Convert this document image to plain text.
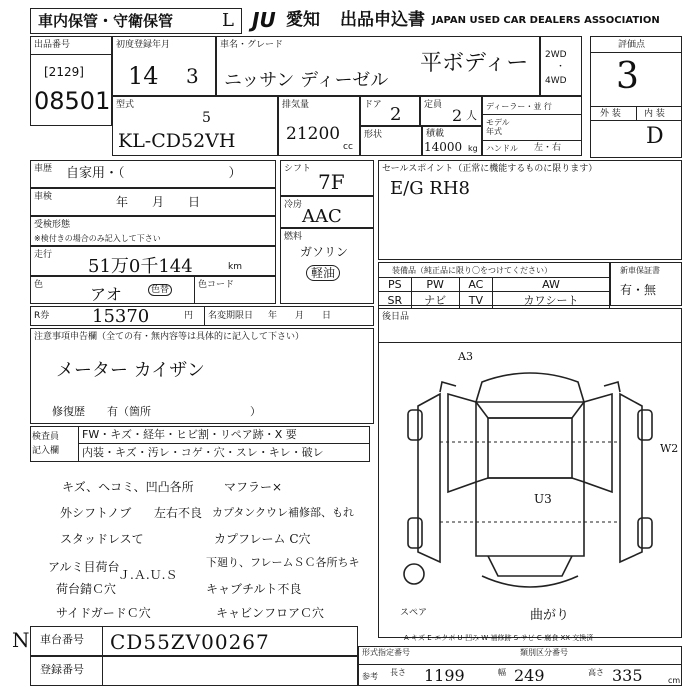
車内保管・守衛保管	L JU 愛知 出品申込書 JAPAN USED CAR DEALERS ASSOCIATION
出品番号
[2129]
08501
初度登録年月
14 3
車名・グレード
ニッサン ディーゼル
平ボディー 2WD
・
4WD
評価点
3
外 装	内 装
D
型式
5
KL-CD52VH
排気量
21200
cc
ドア 2	定員
2 人
ディーラー・並 行
モデル 年式
ハンドル 左・右
形状	積載
14000 kg
車歴 自家用・（　　　　　　　　）
車検	年　　月　　日
受検形態
※検付きの場合のみ記入して下さい
走行
51万0千144	km
色	アオ	色替	色コード
シフト
7F
冷房
AAC
燃料
ガソリン
軽油
セールスポイント（正常に機能するものに限ります）
E/G RH8
装備品（純正品に限り〇をつけてください）
PS	PW	AC	AW
SR	ナビ	TV	カワシート
新車保証書
有・無
R券 15370	円 名変期限日 年　　月　　日
注意事項申告欄（全ての有・無内容等は具体的に記入して下さい）
メーター カイザン
修復歴　　有（箇所　　　　　　　　　）
後日品
A3
W2
U3
スペア	曲がり
A-キズ E-エクボ U-凹み W-補修跡 S-サビ C-腐食 XX-交換済
検査員
記入欄
FW・キズ・経年・ヒビ割・リペア跡・X 要
内装・キズ・汚レ・コゲ・穴・スレ・キレ・破レ
キズ、ヘコミ、凹凸各所	マフラー×
外シフトノブ 左右不良 カプタンクウレ補修部、もれ
スタッドレスて	カプフレーム C穴
アルミ目荷台
Ｊ.Ａ.Ｕ.Ｓ
下廻り、フレームＳＣ各所ちキ
荷台錆Ｃ穴	キャブチルト不良
サイドガードＣ穴	キャビンフロアＣ穴
N 車台番号 CD55ZV00267
登録番号
形式指定番号	類別区分番号
参考 長さ 1199	幅 249	高さ 335	cm
